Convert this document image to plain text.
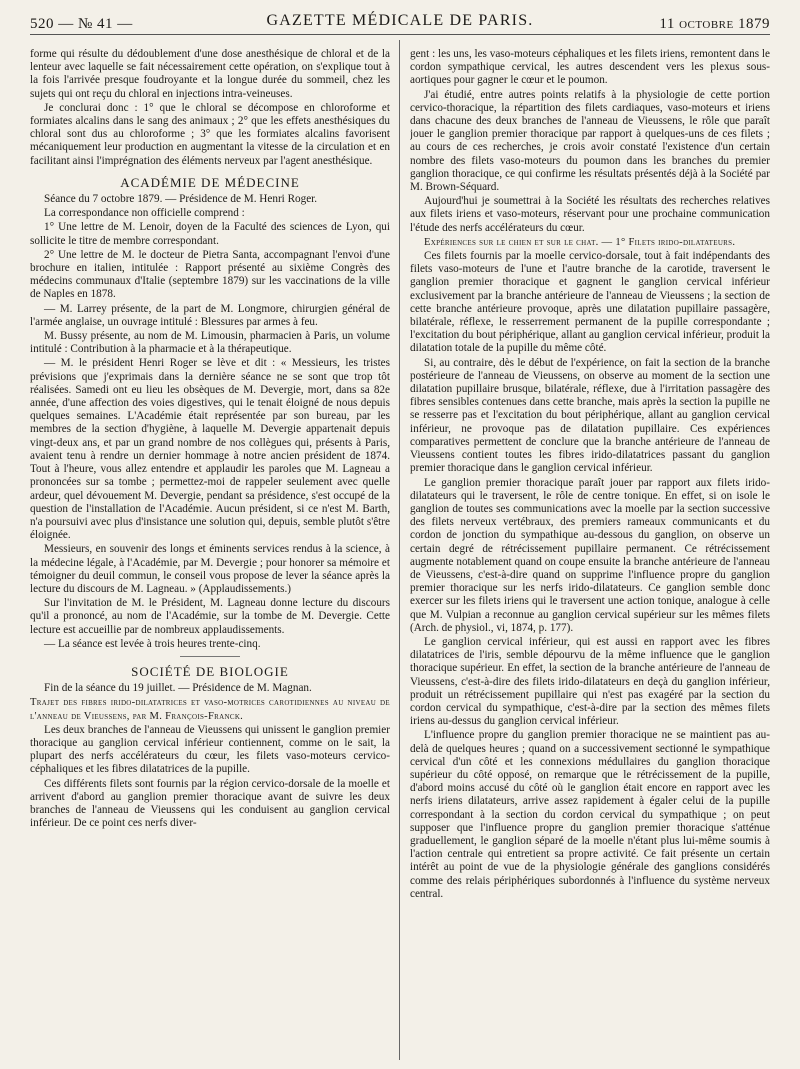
520 — № 41 —	GAZETTE MÉDICALE DE PARIS.	11 octobre 1879

forme qui résulte du dédoublement d'une dose anesthésique de chloral et de la lenteur avec laquelle se fait nécessairement cette opération, on s'explique tout à la fois l'arrivée presque foudroyante et la longue durée du sommeil, chez les sujets qui ont reçu du chloral en injections intra-veineuses.

Je conclurai donc : 1° que le chloral se décompose en chloroforme et formiates alcalins dans le sang des animaux ; 2° que les effets anesthésiques du chloral sont dus au chloroforme ; 3° que les formiates alcalins favorisent mécaniquement leur production en augmentant la vitesse de la circulation et en facilitant ainsi l'imprégnation des éléments nerveux par l'agent anesthésique.

ACADÉMIE DE MÉDECINE

Séance du 7 octobre 1879. — Présidence de M. Henri Roger.

La correspondance non officielle comprend :

1° Une lettre de M. Lenoir, doyen de la Faculté des sciences de Lyon, qui sollicite le titre de membre correspondant.

2° Une lettre de M. le docteur de Pietra Santa, accompagnant l'envoi d'une brochure en italien, intitulée : Rapport présenté au sixième Congrès des médecins communaux d'Italie (septembre 1879) sur les vaccinations de la ville de Naples en 1878.

— M. Larrey présente, de la part de M. Longmore, chirurgien général de l'armée anglaise, un ouvrage intitulé : Blessures par armes à feu.

M. Bussy présente, au nom de M. Limousin, pharmacien à Paris, un volume intitulé : Contribution à la pharmacie et à la thérapeutique.

— M. le président Henri Roger se lève et dit : « Messieurs, les tristes prévisions que j'exprimais dans la dernière séance ne se sont que trop tôt réalisées. Samedi ont eu lieu les obsèques de M. Devergie, mort, dans sa 82e année, d'une affection des voies digestives, qui le tenait éloigné de nous depuis quelques semaines. L'Académie était représentée par son bureau, par les membres de la section d'hygiène, à laquelle M. Devergie appartenait depuis vingt-deux ans, et par un grand nombre de nos collègues qui, présents à Paris, avaient tenu à rendre un dernier hommage à notre ancien président de 1874. Tout à l'heure, vous allez entendre et applaudir les paroles que M. Lagneau a prononcées sur sa tombe ; permettez-moi de rappeler seulement avec quelle ardeur, quel dévouement M. Devergie, pendant sa présidence, s'est occupé de la question de l'installation de l'Académie. Aucun président, si ce n'est M. Barth, n'a poursuivi avec plus d'insistance une solution qui, depuis, semble plutôt s'être éloignée.

Messieurs, en souvenir des longs et éminents services rendus à la science, à la médecine légale, à l'Académie, par M. Devergie ; pour honorer sa mémoire et témoigner du deuil commun, le conseil vous propose de lever la séance après la lecture du discours de M. Lagneau. » (Applaudissements.)

Sur l'invitation de M. le Président, M. Lagneau donne lecture du discours qu'il a prononcé, au nom de l'Académie, sur la tombe de M. Devergie. Cette lecture est accueillie par de nombreux applaudissements.

— La séance est levée à trois heures trente-cinq.

SOCIÉTÉ DE BIOLOGIE

Fin de la séance du 19 juillet. — Présidence de M. Magnan.

Trajet des fibres irido-dilatatrices et vaso-motrices carotidiennes au niveau de l'anneau de Vieussens, par M. François-Franck.

Les deux branches de l'anneau de Vieussens qui unissent le ganglion premier thoracique au ganglion cervical inférieur contiennent, comme on le sait, la plupart des nerfs accélérateurs du cœur, les filets vaso-moteurs cervico-céphaliques et les fibres dilatatrices de la pupille.

Ces différents filets sont fournis par la région cervico-dorsale de la moelle et arrivent d'abord au ganglion premier thoracique avant de suivre les deux branches de l'anneau de Vieussens qui les conduisent au ganglion cervical inférieur. De ce point ces nerfs diver-

gent : les uns, les vaso-moteurs céphaliques et les filets iriens, remontent dans le cordon sympathique cervical, les autres descendent vers les plexus sous-aortiques pour gagner le cœur et le poumon.

J'ai étudié, entre autres points relatifs à la physiologie de cette portion cervico-thoracique, la répartition des filets cardiaques, vaso-moteurs et iriens dans chacune des deux branches de l'anneau de Vieussens, le rôle que paraît jouer le ganglion premier thoracique par rapport à quelques-uns de ces filets ; au cours de ces recherches, je crois avoir constaté l'existence d'un certain nombre des filets vaso-moteurs du poumon dans les branches du premier ganglion thoracique, ce qui confirme les résultats présentés déjà à la Société par M. Brown-Séquard.

Aujourd'hui je soumettrai à la Société les résultats des recherches relatives aux filets iriens et vaso-moteurs, réservant pour une prochaine communication l'étude des nerfs accélérateurs du cœur.

Expériences sur le chien et sur le chat. — 1° Filets irido-dilatateurs.

Ces filets fournis par la moelle cervico-dorsale, tout à fait indépendants des filets vaso-moteurs de l'une et l'autre branche de la carotide, traversent le ganglion premier thoracique et gagnent le ganglion cervical inférieur exclusivement par la branche antérieure de l'anneau de Vieussens ; la section de cette branche antérieure provoque, après une dilatation pupillaire passagère, bilatérale, réflexe, le resserrement permanent de la pupille correspondante ; l'excitation du bout périphérique, allant au ganglion cervical inférieur, produit la dilatation totale de la pupille du même côté.

Si, au contraire, dès le début de l'expérience, on fait la section de la branche postérieure de l'anneau de Vieussens, on observe au moment de la section une dilatation pupillaire brusque, bilatérale, réflexe, due à l'irritation passagère des fibres sensibles contenues dans cette branche, mais après la section la pupille ne se resserre pas et l'excitation du bout périphérique, allant au ganglion cervical inférieur, ne provoque pas de dilatation pupillaire. Ces expériences comparatives permettent de conclure que la branche antérieure de l'anneau de Vieussens contient toutes les fibres irido-dilatatrices passant du ganglion premier thoracique dans le ganglion cervical inférieur.

Le ganglion premier thoracique paraît jouer par rapport aux filets irido-dilatateurs qui le traversent, le rôle de centre tonique. En effet, si on isole le ganglion de toutes ses communications avec la moelle par la section successive des filets nerveux vertébraux, des premiers rameaux communicants et du cordon de jonction du sympathique au-dessous du ganglion, on observe un certain degré de rétrécissement pupillaire permanent. Ce rétrécissement augmente notablement quand on coupe ensuite la branche antérieure de l'anneau de Vieussens, c'est-à-dire quand on supprime l'influence propre du ganglion premier thoracique sur les nerfs irido-dilatateurs. Ce ganglion semble donc exercer sur les filets iriens qui le traversent une action tonique, analogue à celle que M. Vulpian a reconnue au ganglion cervical supérieur sur les mêmes filets (Arch. de physiol., vi, 1874, p. 177).

Le ganglion cervical inférieur, qui est aussi en rapport avec les fibres dilatatrices de l'iris, semble dépourvu de la même influence que le ganglion thoracique supérieur. En effet, la section de la branche antérieure de l'anneau de Vieussens, c'est-à-dire des filets irido-dilatateurs en deçà du ganglion inférieur, produit un rétrécissement pupillaire qui n'est pas exagéré par la section du cordon cervical du sympathique, c'est-à-dire par la section des mêmes filets iriens au-dessus du ganglion cervical inférieur.

L'influence propre du ganglion premier thoracique ne se maintient pas au-delà de quelques heures ; quand on a successivement sectionné le sympathique cervical d'un côté et les connexions médullaires du ganglion thoracique supérieur du côté opposé, on remarque que le rétrécissement de la pupille, d'abord moins accusé du côté où le ganglion était encore en rapport avec les nerfs iriens dilatateurs, arrive assez rapidement à égaler celui de la pupille correspondant à la section du cordon cervical du sympathique ; on peut supposer que l'influence propre du ganglion premier thoracique s'atténue graduellement, le ganglion séparé de la moelle n'étant plus lui-même soumis à l'action centrale qui entretient sa propre activité. Ce fait présente un certain intérêt au point de vue de la physiologie générale des ganglions considérés comme des relais périphériques subordonnés à l'influence du système nerveux central.
